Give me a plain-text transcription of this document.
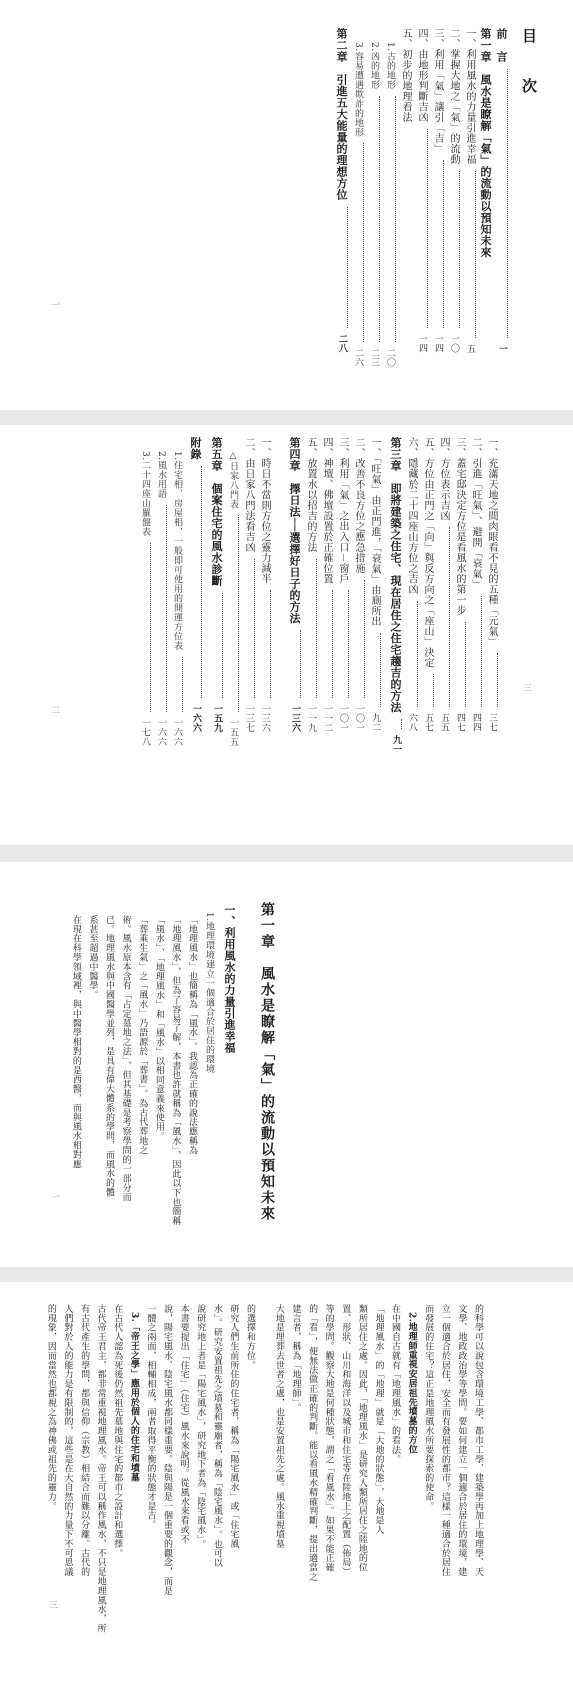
目　次
前　言
一
第一章　風水是瞭解「氣」的流動以預知未來
一、利用風水的力量引進幸福
五
二、掌握大地之「氣」的流動
一〇
三、利用「氣」讓引「吉」
一四
四、由地形判斷吉凶
一四
五、初步的地理看法
1.古的地形
二〇
2.凶的地形
二三
3.容易遭遇欺詐的地形
二六
第二章　引進五大能量的理想方位
二八
一
一、充滿天地之間肉眼看不見的五種「元氣」
三七
二、引進「旺氣」、避開「衰氣」
四四
三、蓋宅邸決定方位是看風水的第一步
四七
四、方位表示吉凶
五五
五、方位由正門之「向」與反方向之「座山」決定
五七
六、隱藏於二十四座山方位之吉凶
六八
第三章　即將建築之住宅、現在居住之住宅趨吉的方法
九一
一、「旺氣」由正門進，「衰氣」由廁所出
九二
二、改善不良方位之應急措施
一〇一
三、利用「氣」之出入口－窗戶
一〇一
四、神壇、佛壇設置於正確位置
一一二
五、放置水以招吉的方法
一一九
第四章　擇日法──選擇好日子的方法
一三六
一、時日不當則方位之靈力減半
一三六
二、由日家八門法看吉凶
一三七
△日家八門表
一五五
第五章　個案住宅的風水診斷
一五九
附錄
一六六
1.住宅相、房屋相，一般即可使用的開運方位表
一六六
2.風水用語
一六六
3.二十四座山羅盤表
一七八
三
二
第一章　風水是瞭解「氣」的流動以預知未來
一、利用風水的力量引進幸福
1.地理環境建立一個適合於居住的環境
「地理風水」也簡稱為「風水」。我認為正確的說法應稱為
「地理風水」，但為了容易了解，本書也許就稱為「風水」，因此以下也簡稱
「風水」、「地理風水」和「風水」以相同意義來使用。
「葬乘生氣」之「風水」乃語源於「葬書」。為古代葬地之
術。風水原本含有「占定墓地之法」，但其基礎是考察學問的一部分而
已。地理風水與中國醫學並列，是具有偉大體系的學問，而風水的體
系甚至超過中醫學。
在現在科學領域裡，與中醫學相對的是西醫，而與風水相對應
一
的科學可以說包含環境工學、都市工學、建築學再加上地理學、天
文學、地政政治學等學問。要如何建立一個適合於居住的環境，建
立一個適合於居住，安全而有發展性的都市？這樣一種適合於居住
而發展的住宅？這正是地理風水所要探索的使命。
2.地理師重視安居祖先墳墓的方位
在中國自古就有「地理風水」的看法。
「地理風水」的「地理」就是「大地的狀態」，大地是人
類所居住之處。因此，「地理風水」是研究人類所居住之陸地的位
置、形狀、山川和海洋以及城市和住宅等在陸地上之配置（佈局）
等的學問。觀察大地是何種狀態，謂之「看風水」。如果不能正確
的「看」，便無法做正確的判斷。能以看風水精確判斷，提出適當之
建言者，稱為「地理師」。
大地是埋葬去世者之處，也是安置祖先之處。風水重視墳墓
的選擇和方位。
研究人們生前所住的住宅者，稱為「陽宅風水」或「住宅風
水」。研究安置祖先之墳墓和靈廟者，稱為「陰宅風水」。也可以
說研究地上者是「陽宅風水」，研究地下者為「陰宅風水」。
本書要提出「住宅」（住宅）風水來說明。從風水來看或不
說，陽宅風水、陰宅風水都同樣重要。陰與陽是一個重要的觀念，而是
一體之兩面，相輔相成，兩者取得平衡的狀態才是吉。
3.「帝王之學」應用於個人的住宅和墳墓
在古代人認為死後仍然祖先墓地與住宅的都市之設計和選擇。
古代帝王君主，都非常重視地理風水。帝王可以稱作風水，不只是地理風水，所
有古代產生的學問，都與信仰（宗教）相結合而難以分離。古代的
人們對於人的能力是有限制的，這些是在大自然的力量下不可思議
的現象，因而當然也都視之為神佛或祖先的靈力。
三
